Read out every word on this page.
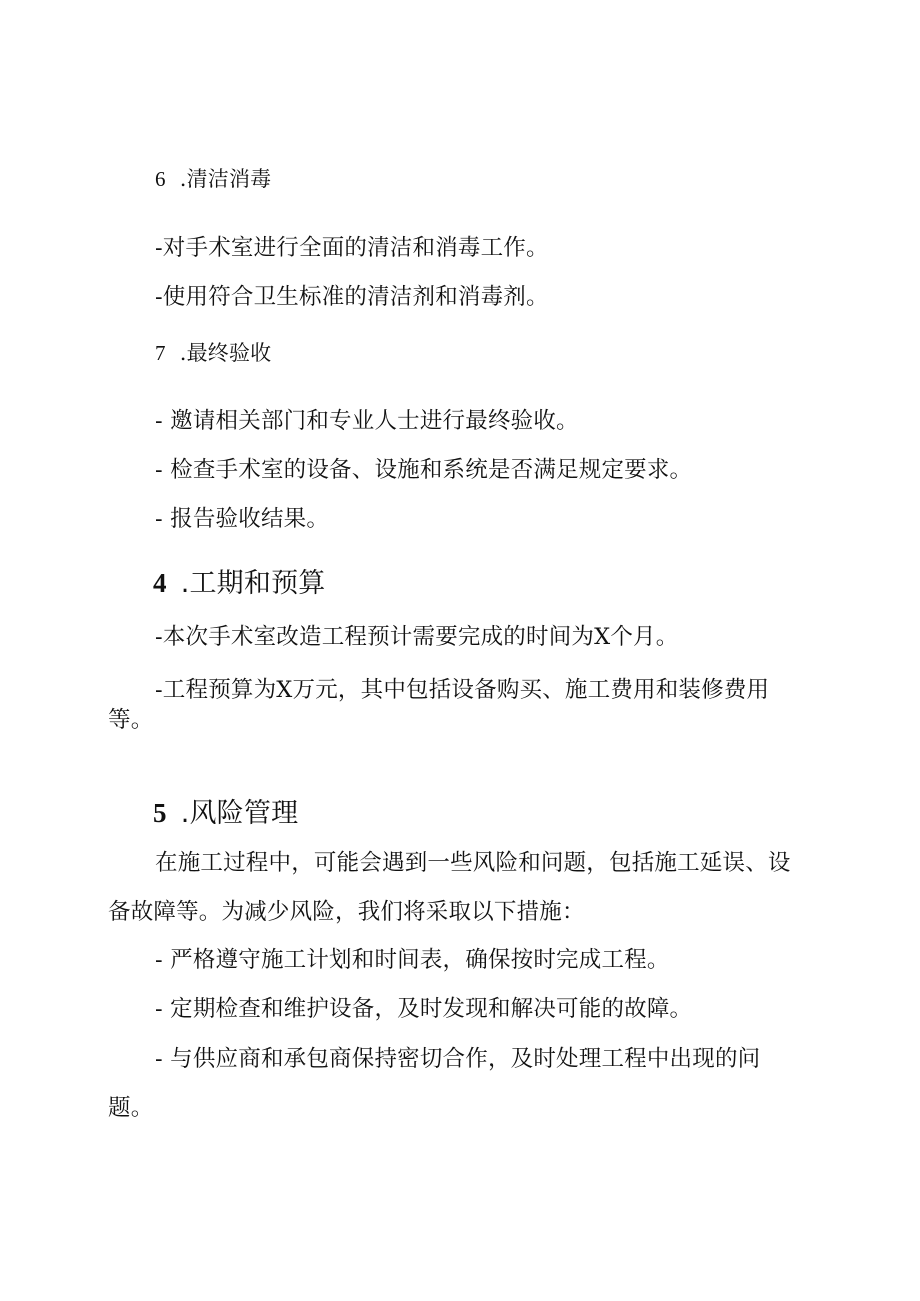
6 .清洁消毒

-对手术室进行全面的清洁和消毒工作。

-使用符合卫生标准的清洁剂和消毒剂。

7 .最终验收

- 邀请相关部门和专业人士进行最终验收。

- 检查手术室的设备、设施和系统是否满足规定要求。

- 报告验收结果。

4 .工期和预算

-本次手术室改造工程预计需要完成的时间为X个月。

-工程预算为X万元，其中包括设备购买、施工费用和装修费用

等。

5 .风险管理

在施工过程中，可能会遇到一些风险和问题，包括施工延误、设

备故障等。为减少风险，我们将采取以下措施：

- 严格遵守施工计划和时间表，确保按时完成工程。

- 定期检查和维护设备，及时发现和解决可能的故障。

- 与供应商和承包商保持密切合作，及时处理工程中出现的问

题。
